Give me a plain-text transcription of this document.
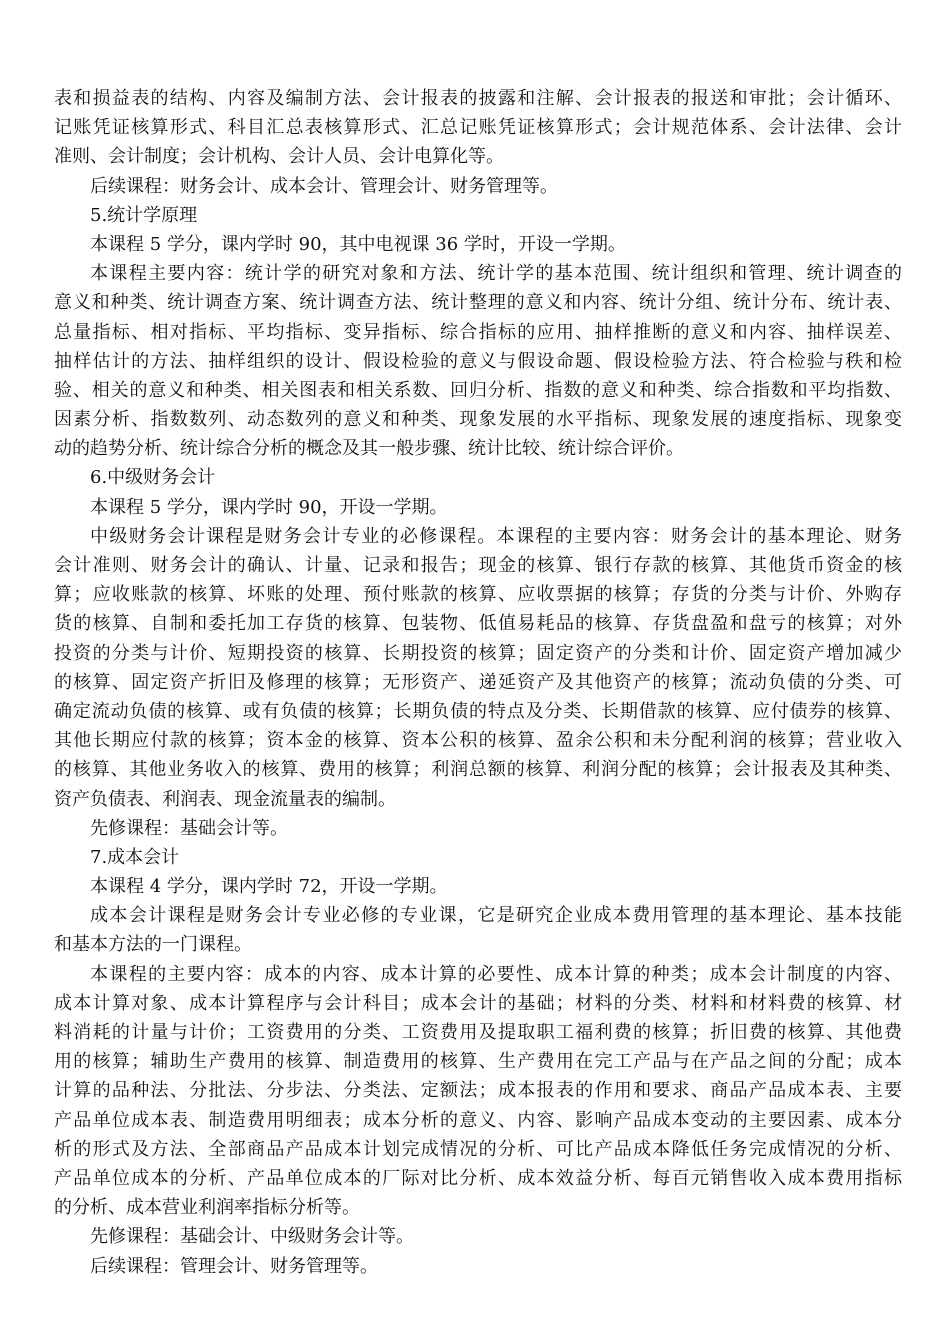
表和损益表的结构、内容及编制方法、会计报表的披露和注解、会计报表的报送和审批；会计循环、
记账凭证核算形式、科目汇总表核算形式、汇总记账凭证核算形式；会计规范体系、会计法律、会计
准则、会计制度；会计机构、会计人员、会计电算化等。
后续课程：财务会计、成本会计、管理会计、财务管理等。
5.统计学原理
本课程 5 学分，课内学时 90，其中电视课 36 学时，开设一学期。
本课程主要内容：统计学的研究对象和方法、统计学的基本范围、统计组织和管理、统计调查的
意义和种类、统计调查方案、统计调查方法、统计整理的意义和内容、统计分组、统计分布、统计表、
总量指标、相对指标、平均指标、变异指标、综合指标的应用、抽样推断的意义和内容、抽样误差、
抽样估计的方法、抽样组织的设计、假设检验的意义与假设命题、假设检验方法、符合检验与秩和检
验、相关的意义和种类、相关图表和相关系数、回归分析、指数的意义和种类、综合指数和平均指数、
因素分析、指数数列、动态数列的意义和种类、现象发展的水平指标、现象发展的速度指标、现象变
动的趋势分析、统计综合分析的概念及其一般步骤、统计比较、统计综合评价。
6.中级财务会计
本课程 5 学分，课内学时 90，开设一学期。
中级财务会计课程是财务会计专业的必修课程。本课程的主要内容：财务会计的基本理论、财务
会计准则、财务会计的确认、计量、记录和报告；现金的核算、银行存款的核算、其他货币资金的核
算；应收账款的核算、坏账的处理、预付账款的核算、应收票据的核算；存货的分类与计价、外购存
货的核算、自制和委托加工存货的核算、包装物、低值易耗品的核算、存货盘盈和盘亏的核算；对外
投资的分类与计价、短期投资的核算、长期投资的核算；固定资产的分类和计价、固定资产增加减少
的核算、固定资产折旧及修理的核算；无形资产、递延资产及其他资产的核算；流动负债的分类、可
确定流动负债的核算、或有负债的核算；长期负债的特点及分类、长期借款的核算、应付债券的核算、
其他长期应付款的核算；资本金的核算、资本公积的核算、盈余公积和未分配利润的核算；营业收入
的核算、其他业务收入的核算、费用的核算；利润总额的核算、利润分配的核算；会计报表及其种类、
资产负债表、利润表、现金流量表的编制。
先修课程：基础会计等。
7.成本会计
本课程 4 学分，课内学时 72，开设一学期。
成本会计课程是财务会计专业必修的专业课，它是研究企业成本费用管理的基本理论、基本技能
和基本方法的一门课程。
本课程的主要内容：成本的内容、成本计算的必要性、成本计算的种类；成本会计制度的内容、
成本计算对象、成本计算程序与会计科目；成本会计的基础；材料的分类、材料和材料费的核算、材
料消耗的计量与计价；工资费用的分类、工资费用及提取职工福利费的核算；折旧费的核算、其他费
用的核算；辅助生产费用的核算、制造费用的核算、生产费用在完工产品与在产品之间的分配；成本
计算的品种法、分批法、分步法、分类法、定额法；成本报表的作用和要求、商品产品成本表、主要
产品单位成本表、制造费用明细表；成本分析的意义、内容、影响产品成本变动的主要因素、成本分
析的形式及方法、全部商品产品成本计划完成情况的分析、可比产品成本降低任务完成情况的分析、
产品单位成本的分析、产品单位成本的厂际对比分析、成本效益分析、每百元销售收入成本费用指标
的分析、成本营业利润率指标分析等。
先修课程：基础会计、中级财务会计等。
后续课程：管理会计、财务管理等。
